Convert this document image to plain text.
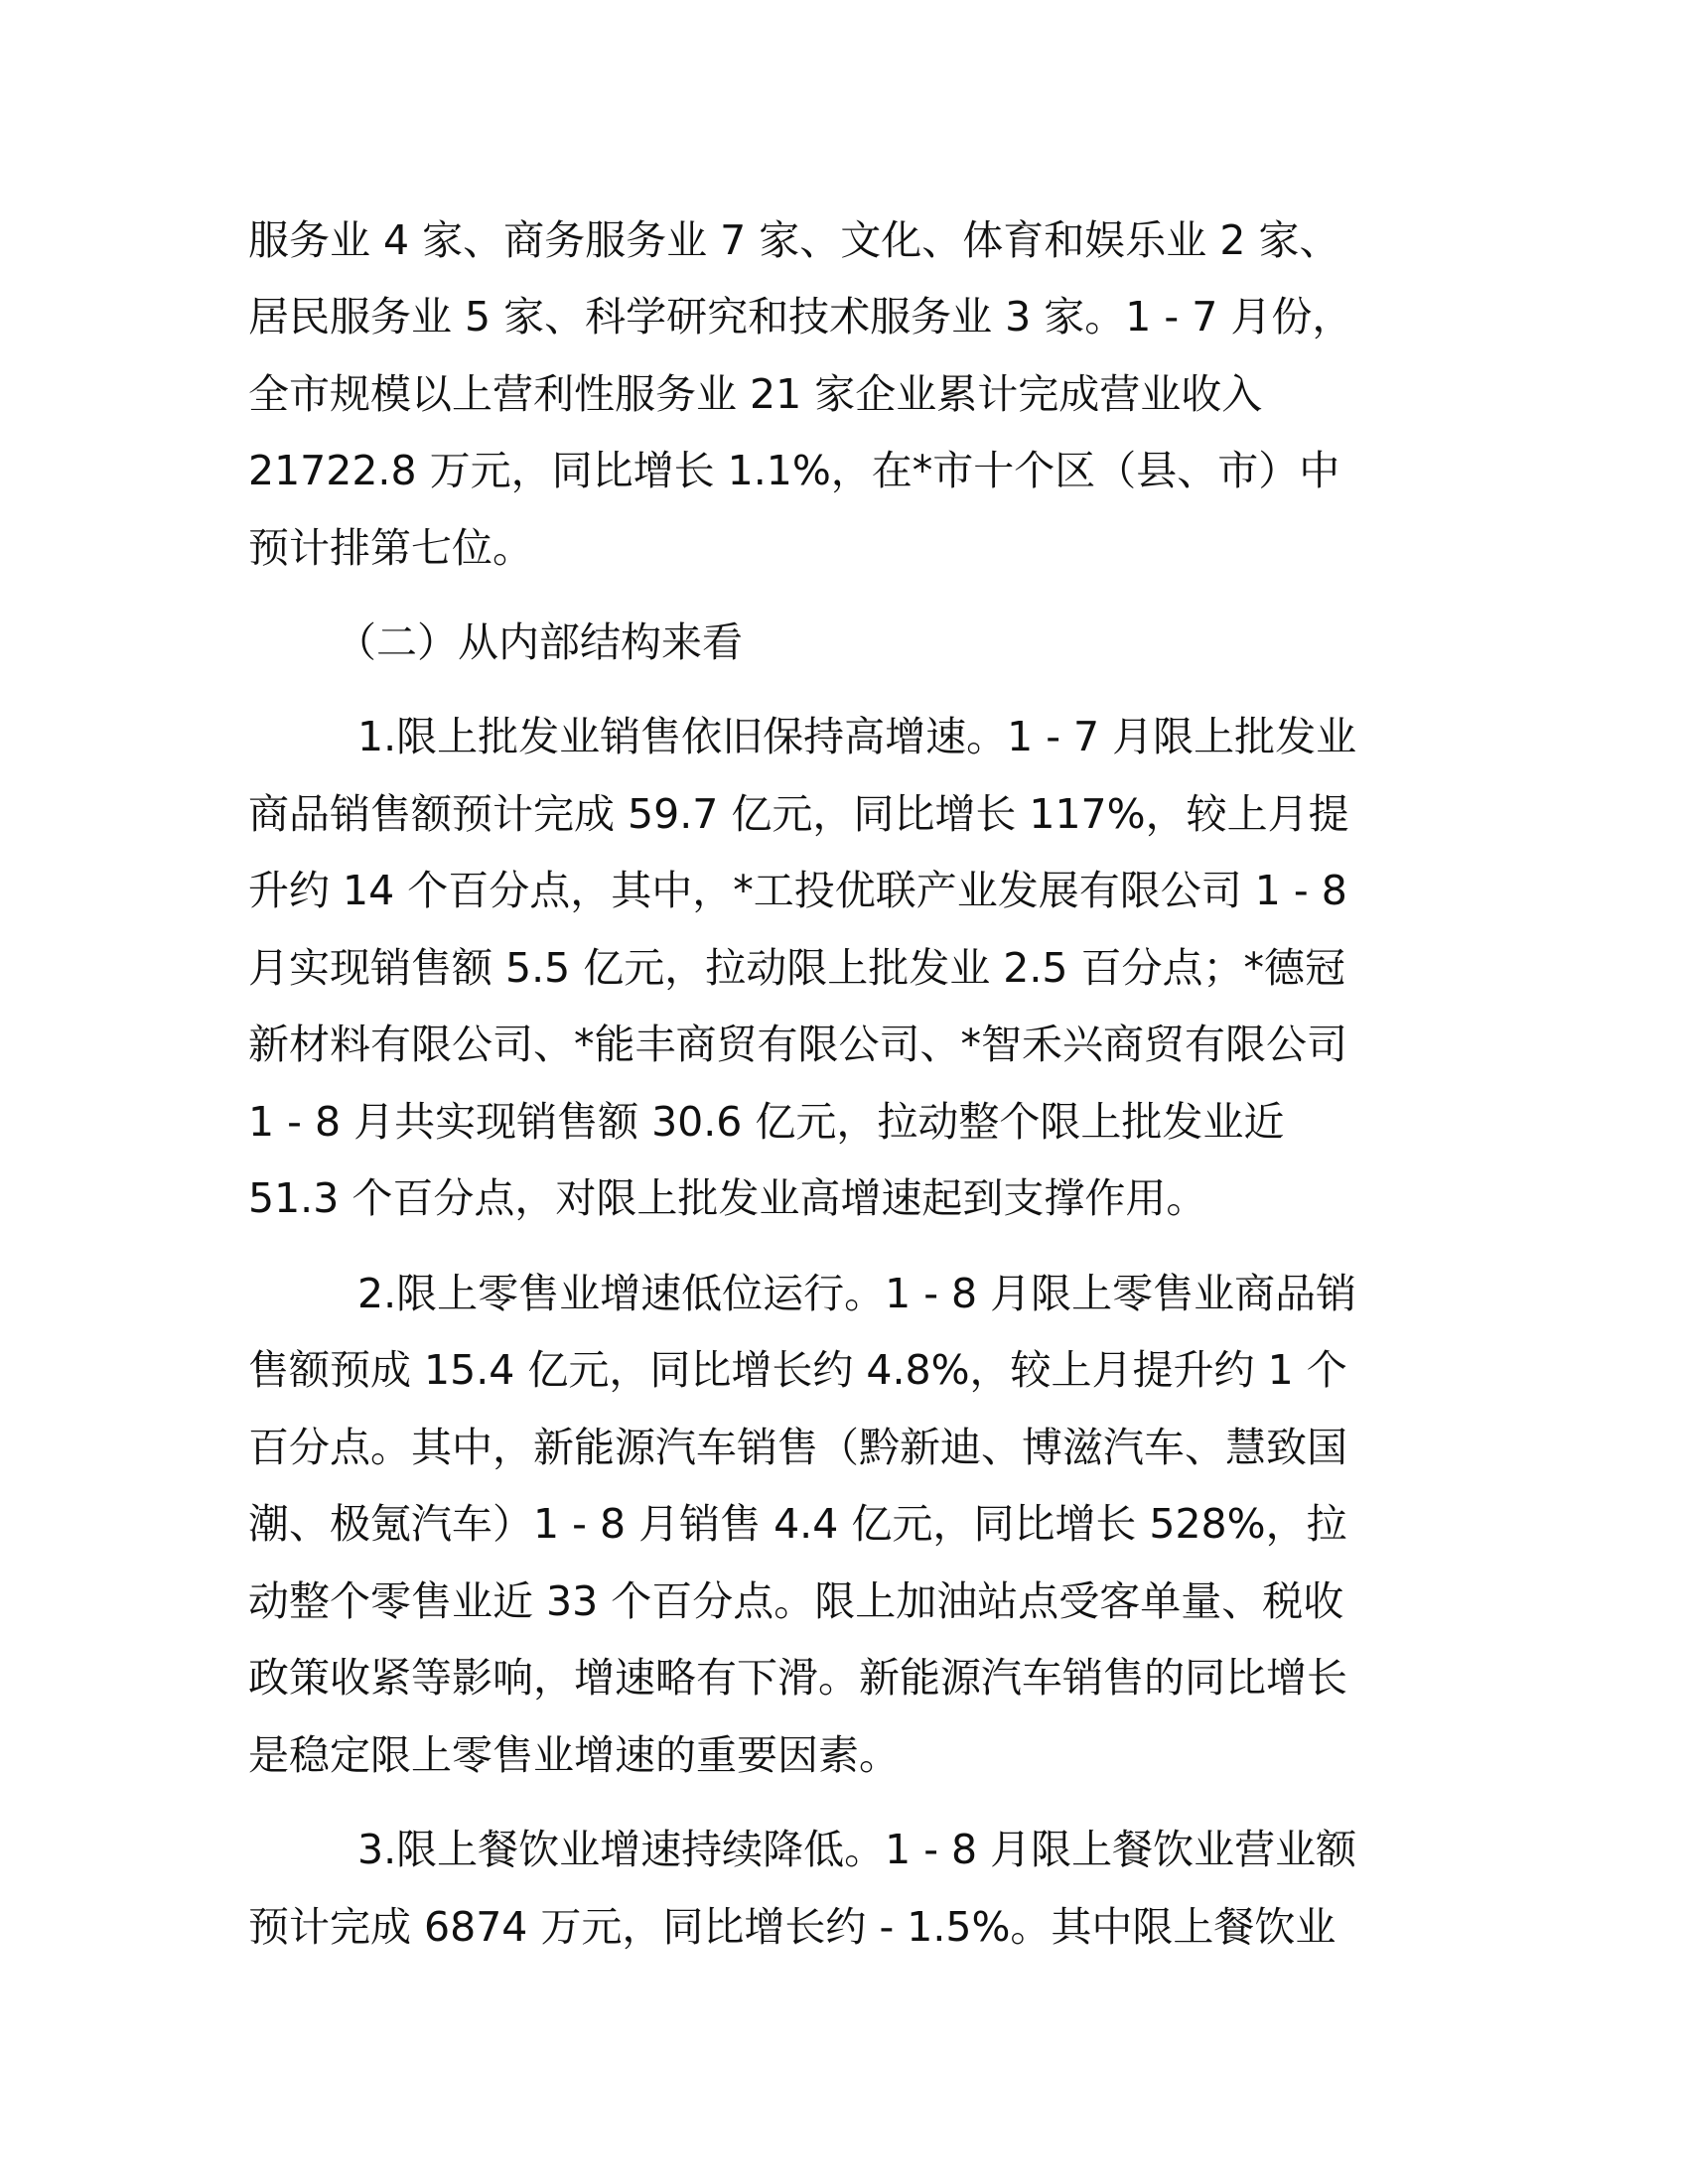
服务业 4 家、商务服务业 7 家、文化、体育和娱乐业 2 家、
居民服务业 5 家、科学研究和技术服务业 3 家。1 - 7 月份，
全市规模以上营利性服务业 21 家企业累计完成营业收入
21722.8 万元，同比增长 1.1%，在*市十个区（县、市）中
预计排第七位。
（二）从内部结构来看
1.限上批发业销售依旧保持高增速。1 - 7 月限上批发业
商品销售额预计完成 59.7 亿元，同比增长 117%，较上月提
升约 14 个百分点，其中，*工投优联产业发展有限公司 1 - 8
月实现销售额 5.5 亿元，拉动限上批发业 2.5 百分点；*德冠
新材料有限公司、*能丰商贸有限公司、*智禾兴商贸有限公司
1 - 8 月共实现销售额 30.6 亿元，拉动整个限上批发业近
51.3 个百分点，对限上批发业高增速起到支撑作用。
2.限上零售业增速低位运行。1 - 8 月限上零售业商品销
售额预成 15.4 亿元，同比增长约 4.8%，较上月提升约 1 个
百分点。其中，新能源汽车销售（黔新迪、博滋汽车、慧致国
潮、极氪汽车）1 - 8 月销售 4.4 亿元，同比增长 528%，拉
动整个零售业近 33 个百分点。限上加油站点受客单量、税收
政策收紧等影响，增速略有下滑。新能源汽车销售的同比增长
是稳定限上零售业增速的重要因素。
3.限上餐饮业增速持续降低。1 - 8 月限上餐饮业营业额
预计完成 6874 万元，同比增长约 - 1.5%。其中限上餐饮业
